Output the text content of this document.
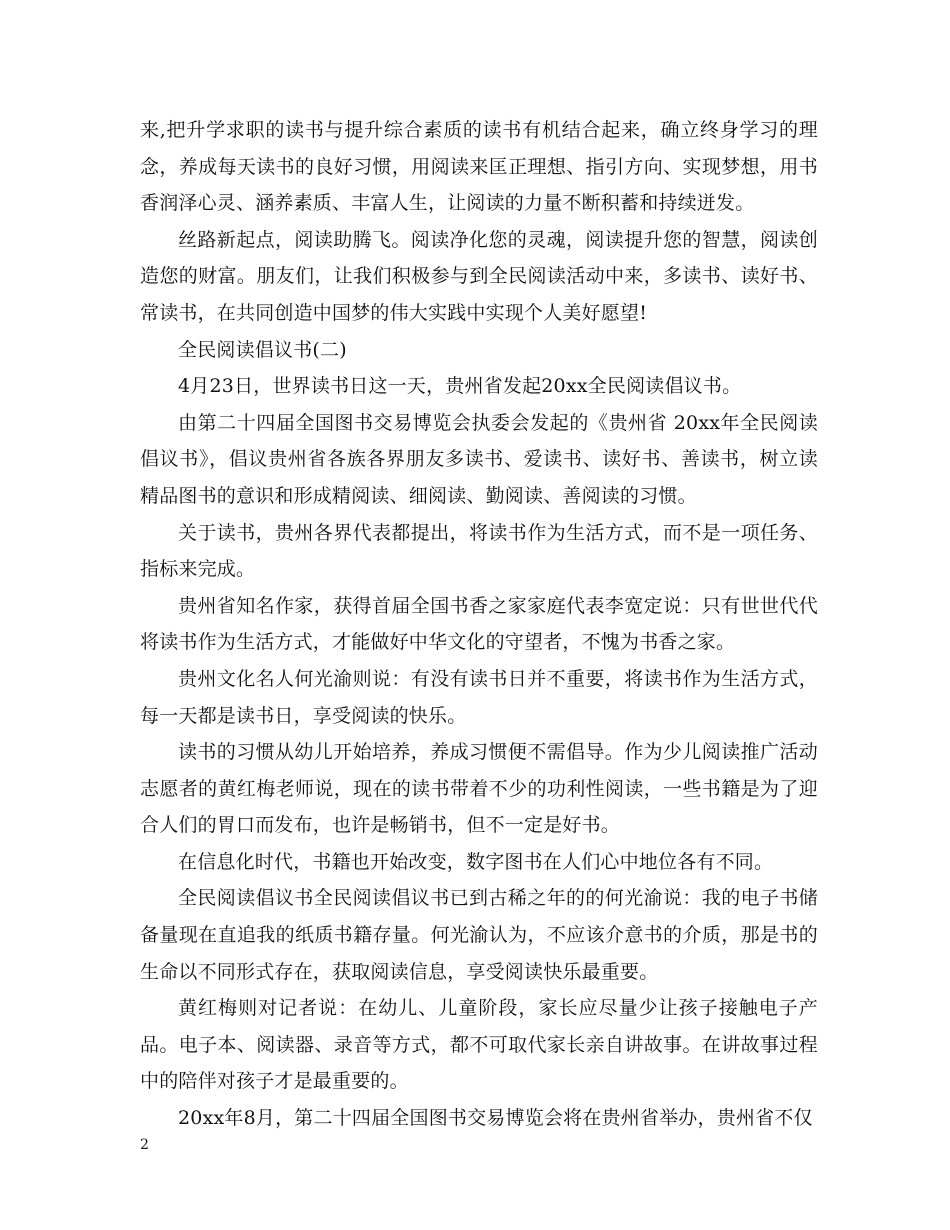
来,把升学求职的读书与提升综合素质的读书有机结合起来，确立终身学习的理念，养成每天读书的良好习惯，用阅读来匡正理想、指引方向、实现梦想，用书香润泽心灵、涵养素质、丰富人生，让阅读的力量不断积蓄和持续迸发。

丝路新起点，阅读助腾飞。阅读净化您的灵魂，阅读提升您的智慧，阅读创造您的财富。朋友们，让我们积极参与到全民阅读活动中来，多读书、读好书、常读书，在共同创造中国梦的伟大实践中实现个人美好愿望!

全民阅读倡议书(二)

4月23日，世界读书日这一天，贵州省发起20xx全民阅读倡议书。

由第二十四届全国图书交易博览会执委会发起的《贵州省 20xx年全民阅读倡议书》，倡议贵州省各族各界朋友多读书、爱读书、读好书、善读书，树立读精品图书的意识和形成精阅读、细阅读、勤阅读、善阅读的习惯。

关于读书，贵州各界代表都提出，将读书作为生活方式，而不是一项任务、指标来完成。

贵州省知名作家，获得首届全国书香之家家庭代表李宽定说：只有世世代代将读书作为生活方式，才能做好中华文化的守望者，不愧为书香之家。

贵州文化名人何光渝则说：有没有读书日并不重要，将读书作为生活方式，每一天都是读书日，享受阅读的快乐。

读书的习惯从幼儿开始培养，养成习惯便不需倡导。作为少儿阅读推广活动志愿者的黄红梅老师说，现在的读书带着不少的功利性阅读，一些书籍是为了迎合人们的胃口而发布，也许是畅销书，但不一定是好书。

在信息化时代，书籍也开始改变，数字图书在人们心中地位各有不同。

全民阅读倡议书全民阅读倡议书已到古稀之年的的何光渝说：我的电子书储备量现在直追我的纸质书籍存量。何光渝认为，不应该介意书的介质，那是书的生命以不同形式存在，获取阅读信息，享受阅读快乐最重要。

黄红梅则对记者说：在幼儿、儿童阶段，家长应尽量少让孩子接触电子产品。电子本、阅读器、录音等方式，都不可取代家长亲自讲故事。在讲故事过程中的陪伴对孩子才是最重要的。

20xx年8月，第二十四届全国图书交易博览会将在贵州省举办，贵州省不仅

2
